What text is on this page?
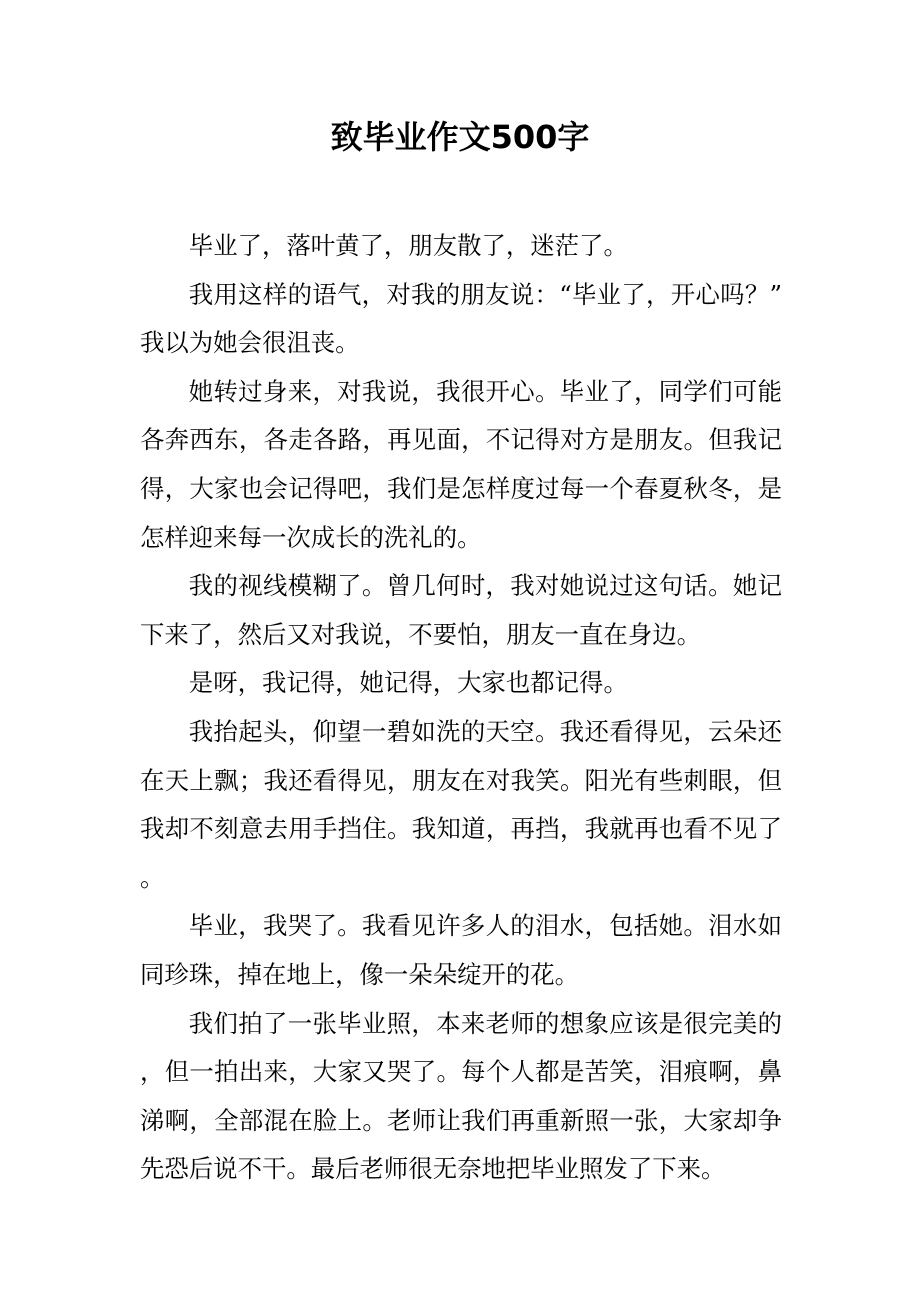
致毕业作文500字

毕业了，落叶黄了，朋友散了，迷茫了。

我用这样的语气，对我的朋友说：“毕业了，开心吗？”我以为她会很沮丧。

她转过身来，对我说，我很开心。毕业了，同学们可能各奔西东，各走各路，再见面，不记得对方是朋友。但我记得，大家也会记得吧，我们是怎样度过每一个春夏秋冬，是怎样迎来每一次成长的洗礼的。

我的视线模糊了。曾几何时，我对她说过这句话。她记下来了，然后又对我说，不要怕，朋友一直在身边。

是呀，我记得，她记得，大家也都记得。

我抬起头，仰望一碧如洗的天空。我还看得见，云朵还在天上飘；我还看得见，朋友在对我笑。阳光有些刺眼，但我却不刻意去用手挡住。我知道，再挡，我就再也看不见了。

毕业，我哭了。我看见许多人的泪水，包括她。泪水如同珍珠，掉在地上，像一朵朵绽开的花。

我们拍了一张毕业照，本来老师的想象应该是很完美的，但一拍出来，大家又哭了。每个人都是苦笑，泪痕啊，鼻涕啊，全部混在脸上。老师让我们再重新照一张，大家却争先恐后说不干。最后老师很无奈地把毕业照发了下来。
